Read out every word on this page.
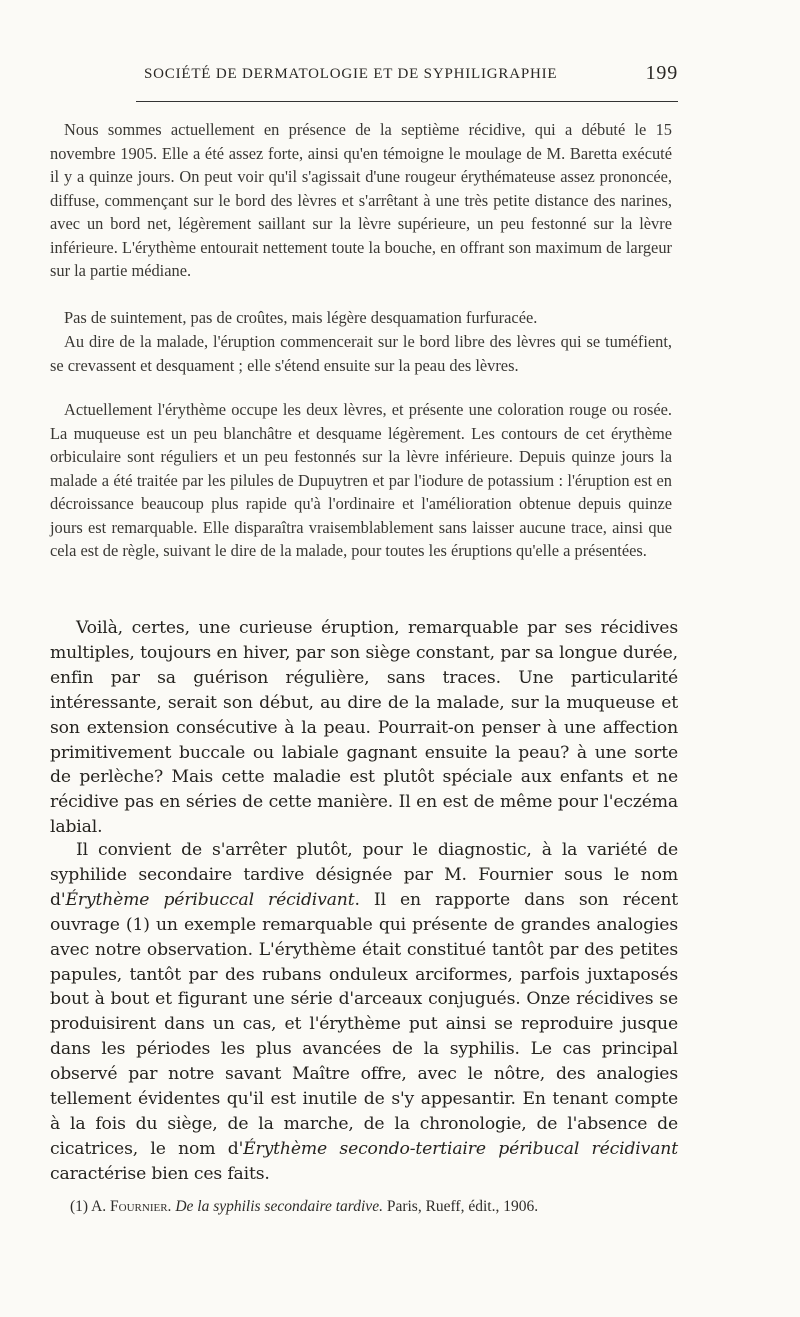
SOCIÉTÉ DE DERMATOLOGIE ET DE SYPHILIGRAPHIE	199

Nous sommes actuellement en présence de la septième récidive, qui a débuté le 15 novembre 1905. Elle a été assez forte, ainsi qu'en témoigne le moulage de M. Baretta exécuté il y a quinze jours. On peut voir qu'il s'agissait d'une rougeur érythémateuse assez prononcée, diffuse, commençant sur le bord des lèvres et s'arrêtant à une très petite distance des narines, avec un bord net, légèrement saillant sur la lèvre supérieure, un peu festonné sur la lèvre inférieure. L'érythème entourait nettement toute la bouche, en offrant son maximum de largeur sur la partie médiane.

Pas de suintement, pas de croûtes, mais légère desquamation furfuracée.

Au dire de la malade, l'éruption commencerait sur le bord libre des lèvres qui se tuméfient, se crevassent et desquament ; elle s'étend ensuite sur la peau des lèvres.

Actuellement l'érythème occupe les deux lèvres, et présente une coloration rouge ou rosée. La muqueuse est un peu blanchâtre et desquame légèrement. Les contours de cet érythème orbiculaire sont réguliers et un peu festonnés sur la lèvre inférieure. Depuis quinze jours la malade a été traitée par les pilules de Dupuytren et par l'iodure de potassium : l'éruption est en décroissance beaucoup plus rapide qu'à l'ordinaire et l'amélioration obtenue depuis quinze jours est remarquable. Elle disparaîtra vraisemblablement sans laisser aucune trace, ainsi que cela est de règle, suivant le dire de la malade, pour toutes les éruptions qu'elle a présentées.

Voilà, certes, une curieuse éruption, remarquable par ses récidives multiples, toujours en hiver, par son siège constant, par sa longue durée, enfin par sa guérison régulière, sans traces. Une particularité intéressante, serait son début, au dire de la malade, sur la muqueuse et son extension consécutive à la peau. Pourrait-on penser à une affection primitivement buccale ou labiale gagnant ensuite la peau? à une sorte de perlèche? Mais cette maladie est plutôt spéciale aux enfants et ne récidive pas en séries de cette manière. Il en est de même pour l'eczéma labial.

Il convient de s'arrêter plutôt, pour le diagnostic, à la variété de syphilide secondaire tardive désignée par M. Fournier sous le nom d'Érythème péribuccal récidivant. Il en rapporte dans son récent ouvrage (1) un exemple remarquable qui présente de grandes analogies avec notre observation. L'érythème était constitué tantôt par des petites papules, tantôt par des rubans onduleux arciformes, parfois juxtaposés bout à bout et figurant une série d'arceaux conjugués. Onze récidives se produisirent dans un cas, et l'érythème put ainsi se reproduire jusque dans les périodes les plus avancées de la syphilis. Le cas principal observé par notre savant Maître offre, avec le nôtre, des analogies tellement évidentes qu'il est inutile de s'y appesantir. En tenant compte à la fois du siège, de la marche, de la chronologie, de l'absence de cicatrices, le nom d'Érythème secondo-tertiaire péribucal récidivant caractérise bien ces faits.

(1) A. Fournier. De la syphilis secondaire tardive. Paris, Rueff, édit., 1906.
